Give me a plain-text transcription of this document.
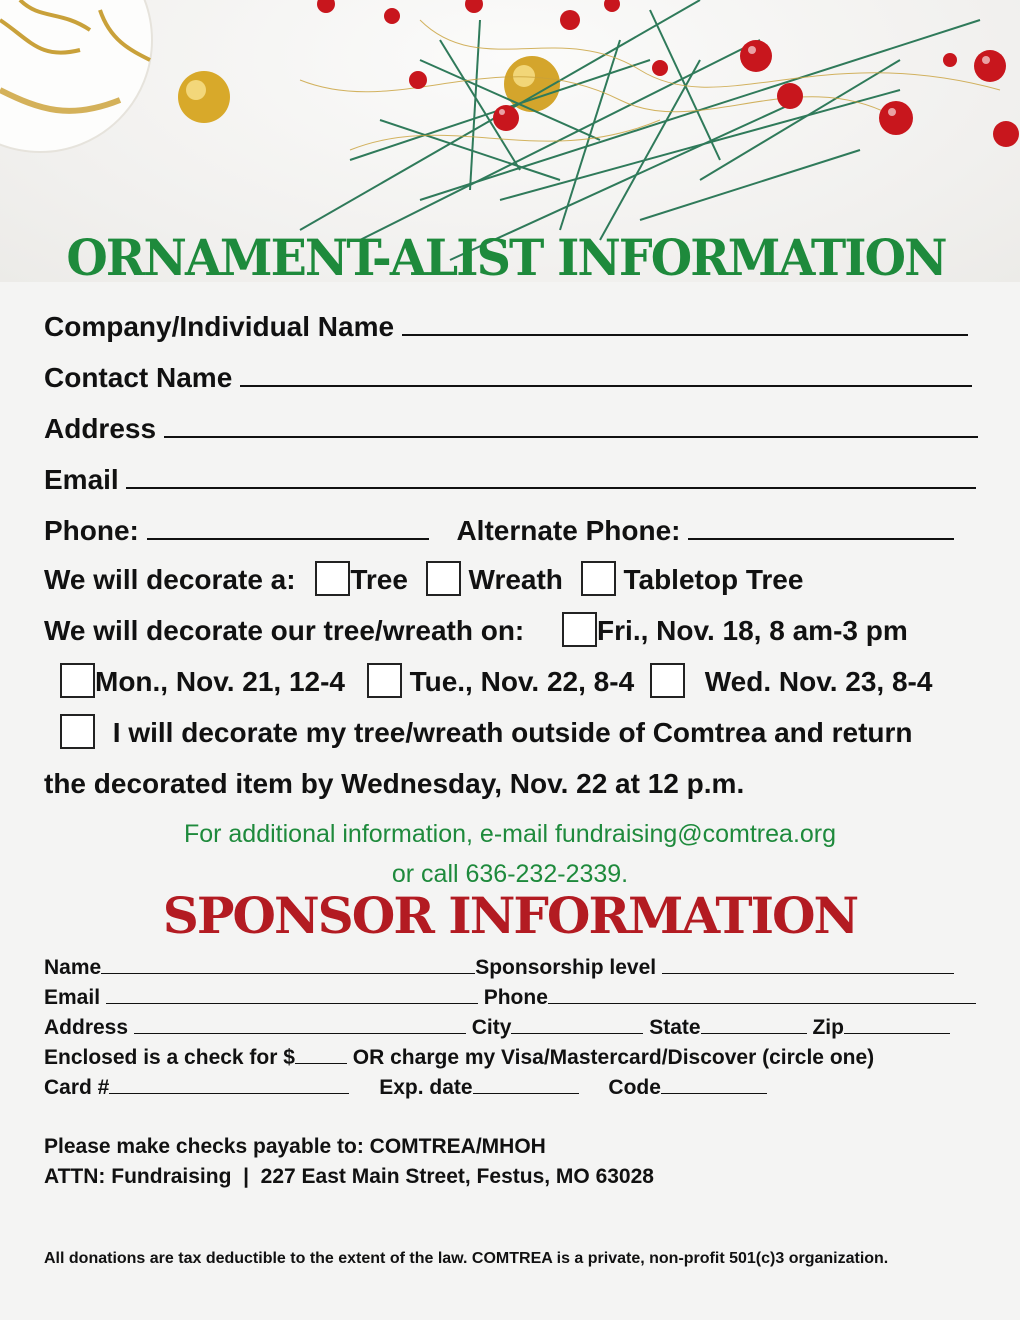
ORNAMENT-ALIST INFORMATION
Company/Individual Name
Contact Name
Address
Email
Phone:	Alternate Phone:
We will decorate a: Tree Wreath Tabletop Tree
We will decorate our tree/wreath on:	Fri., Nov. 18, 8 am-3 pm
Mon., Nov. 21, 12-4 Tue., Nov. 22, 8-4	Wed. Nov. 23, 8-4
I will decorate my tree/wreath outside of Comtrea and return
the decorated item by Wednesday, Nov. 22 at 12 p.m.
For additional information, e-mail fundraising@comtrea.org
or call 636-232-2339.
SPONSOR INFORMATION
Name	Sponsorship level
Email	Phone
Address	City	State	Zip
Enclosed is a check for $	OR charge my Visa/Mastercard/Discover (circle one)
Card #	Exp. date	Code
Please make checks payable to: COMTREA/MHOH
ATTN: Fundraising  |  227 East Main Street, Festus, MO 63028
All donations are tax deductible to the extent of the law. COMTREA is a private, non-profit 501(c)3 organization.
